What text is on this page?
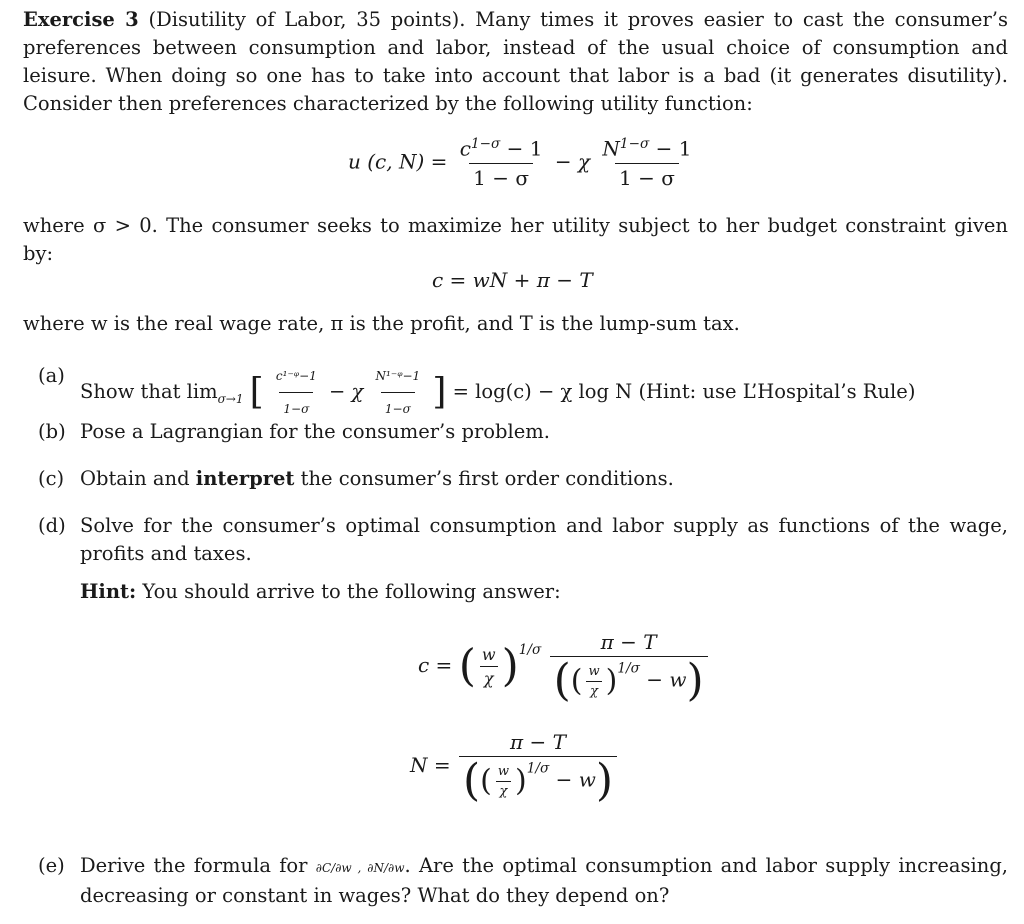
Exercise 3 (Disutility of Labor, 35 points). Many times it proves easier to cast the consumer’s preferences between consumption and labor, instead of the usual choice of consumption and leisure. When doing so one has to take into account that labor is a bad (it generates disutility). Consider then preferences characterized by the following utility function:
u (c, $N) = \frac{c^{1-\sigma} - 1}{1 - \sigma} - \chi \frac{N^{1-\sigma} - 1}{1 - \sigma}$
where σ > 0. The consumer seeks to maximize her utility subject to her budget constraint given by:
c = wN + π − T
where w is the real wage rate, π is the profit, and T is the lump-sum tax.
(a)
Show that $\lim_{\sigma\to 1}$ [ $\frac{\text{c¹⁻ᵠ−1}}{1-\sigma} - \chi \frac{\text{N¹⁻ᵠ−1}}{1-\sigma}$ ] = log(c) − χ log N (Hint: use L’Hospital’s Rule)
(b) Pose a Lagrangian for the consumer’s problem.
(c) Obtain and interpret the consumer’s first order conditions.
(d) Solve for the consumer’s optimal consumption and labor supply as functions of the wage, profits and taxes.
Hint: You should arrive to the following answer:
c = ( $\frac{w}{\chi} )^{1/\sigma} \frac{\pi - T}{(( \frac{w}{\chi} )^{1/\sigma} - w)}$
$N = \frac{\pi - T}{(( \frac{w}{\chi} )^{1/\sigma} - w)}$
(e) Derive the formula for ∂C/∂w , ∂N/∂w. Are the optimal consumption and labor supply increasing, decreasing or constant in wages? What do they depend on?
